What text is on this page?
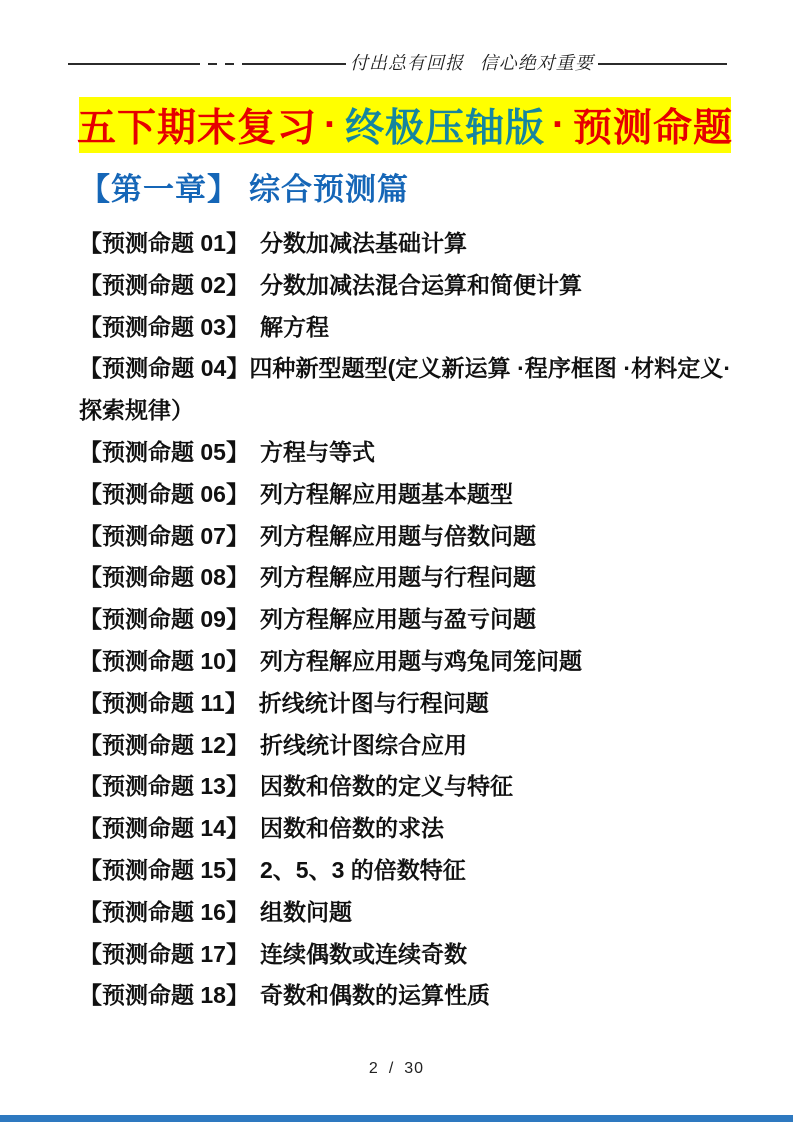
付出总有回报 信心绝对重要
五下期末复习 · 终极压轴版 · 预测命题
【第一章】 综合预测篇
【预测命题 01】 分数加减法基础计算
【预测命题 02】 分数加减法混合运算和简便计算
【预测命题 03】 解方程
【预测命题 04】四种新型题型(定义新运算 ·程序框图 ·材料定义·探索规律）
【预测命题 05】 方程与等式
【预测命题 06】 列方程解应用题基本题型
【预测命题 07】 列方程解应用题与倍数问题
【预测命题 08】 列方程解应用题与行程问题
【预测命题 09】 列方程解应用题与盈亏问题
【预测命题 10】 列方程解应用题与鸡兔同笼问题
【预测命题 11】 折线统计图与行程问题
【预测命题 12】 折线统计图综合应用
【预测命题 13】 因数和倍数的定义与特征
【预测命题 14】 因数和倍数的求法
【预测命题 15】 2、5、3 的倍数特征
【预测命题 16】 组数问题
【预测命题 17】 连续偶数或连续奇数
【预测命题 18】 奇数和偶数的运算性质
2 / 30
